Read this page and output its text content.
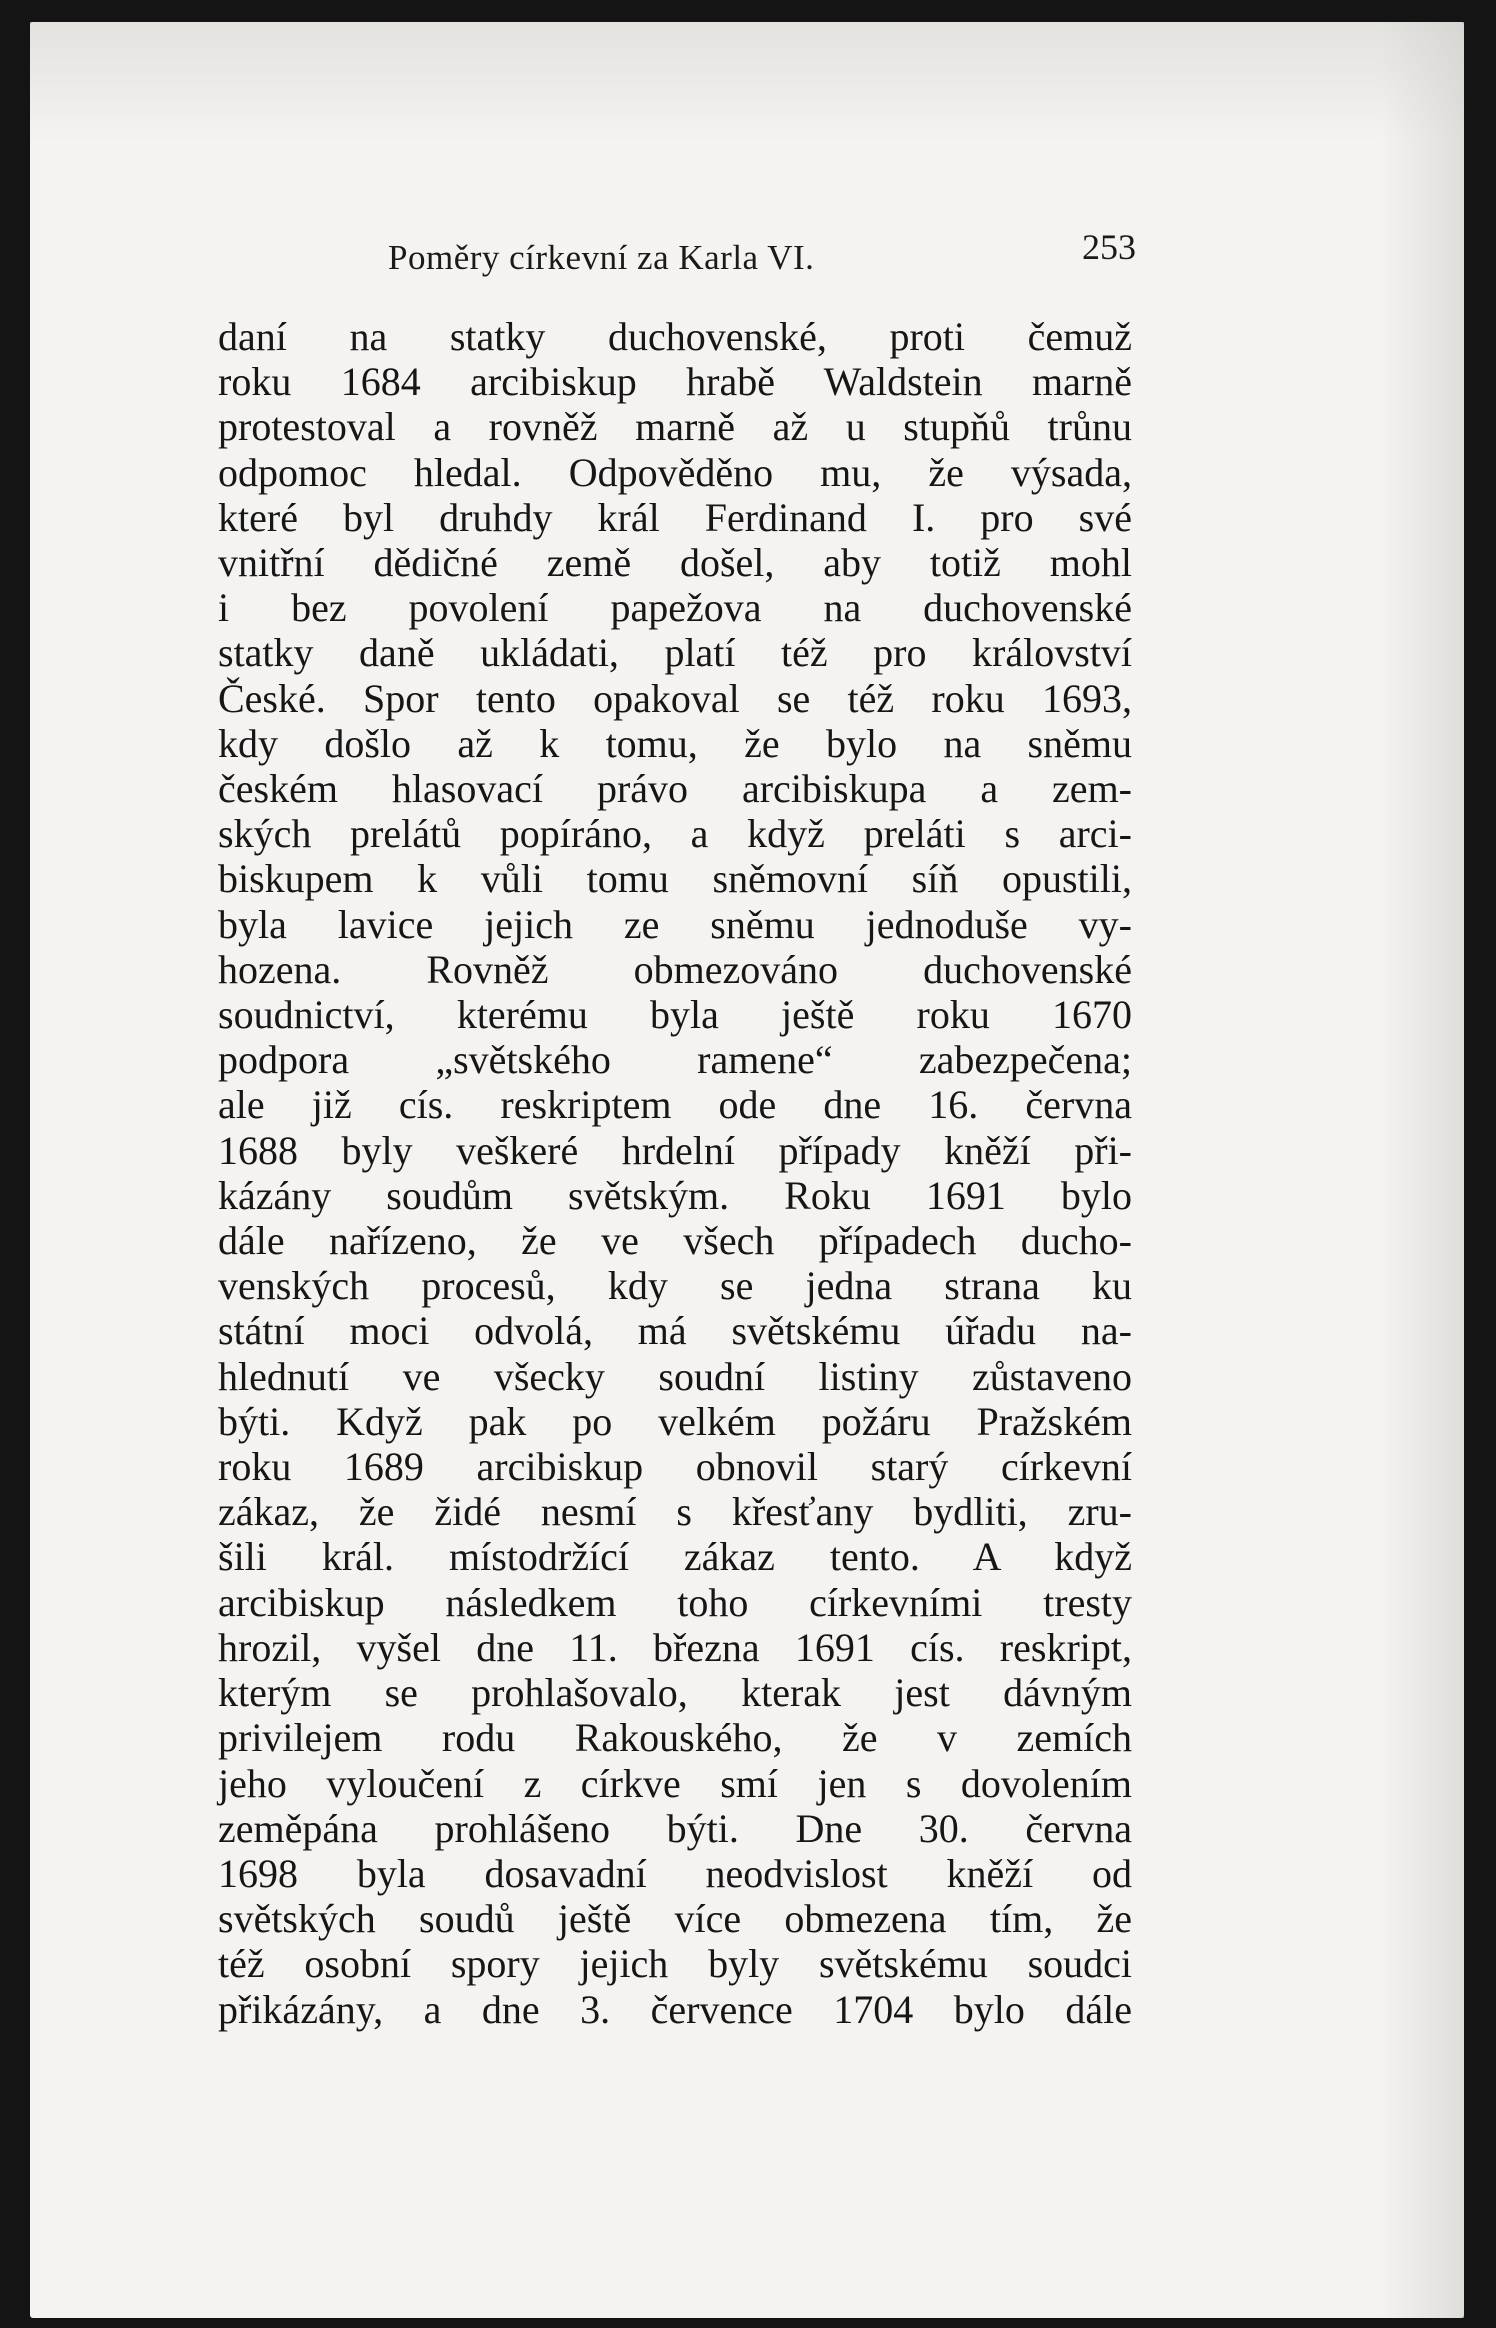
Poměry církevní za Karla VI.	253

daní na statky duchovenské, proti čemuž
roku 1684 arcibiskup hrabě Waldstein marně
protestoval a rovněž marně až u stupňů trůnu
odpomoc hledal. Odpověděno mu, že výsada,
které byl druhdy král Ferdinand I. pro své
vnitřní dědičné země došel, aby totiž mohl
i bez povolení papežova na duchovenské
statky daně ukládati, platí též pro království
České. Spor tento opakoval se též roku 1693,
kdy došlo až k tomu, že bylo na sněmu
českém hlasovací právo arcibiskupa a zem-
ských prelátů popíráno, a když preláti s arci-
biskupem k vůli tomu sněmovní síň opustili,
byla lavice jejich ze sněmu jednoduše vy-
hozena. Rovněž obmezováno duchovenské
soudnictví, kterému byla ještě roku 1670
podpora „světského ramene“ zabezpečena;
ale již cís. reskriptem ode dne 16. června
1688 byly veškeré hrdelní případy kněží při-
kázány soudům světským. Roku 1691 bylo
dále nařízeno, že ve všech případech ducho-
venských procesů, kdy se jedna strana ku
státní moci odvolá, má světskému úřadu na-
hlednutí ve všecky soudní listiny zůstaveno
býti. Když pak po velkém požáru Pražském
roku 1689 arcibiskup obnovil starý církevní
zákaz, že židé nesmí s křesťany bydliti, zru-
šili král. místodržící zákaz tento. A když
arcibiskup následkem toho církevními tresty
hrozil, vyšel dne 11. března 1691 cís. reskript,
kterým se prohlašovalo, kterak jest dávným
privilejem rodu Rakouského, že v zemích
jeho vyloučení z církve smí jen s dovolením
zeměpána prohlášeno býti. Dne 30. června
1698 byla dosavadní neodvislost kněží od
světských soudů ještě více obmezena tím, že
též osobní spory jejich byly světskému soudci
přikázány, a dne 3. července 1704 bylo dále
